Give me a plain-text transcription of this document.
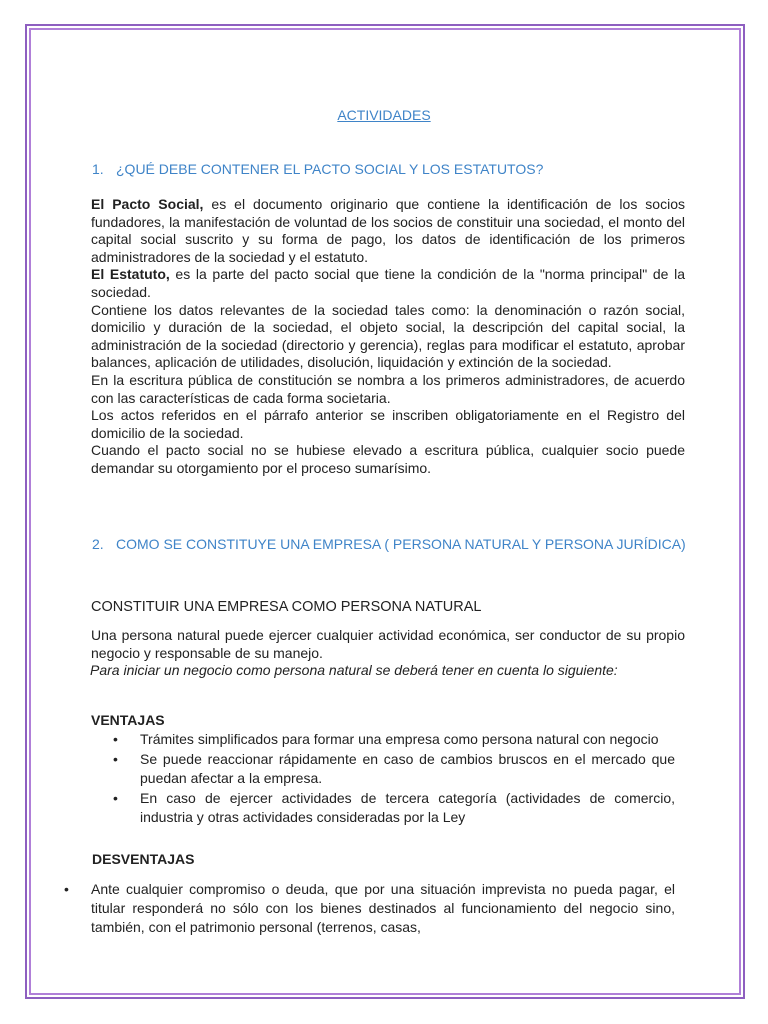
ACTIVIDADES
1. ¿QUÉ DEBE CONTENER EL PACTO SOCIAL Y LOS ESTATUTOS?

El Pacto Social, es el documento originario que contiene la identificación de los socios fundadores, la manifestación de voluntad de los socios de constituir una sociedad, el monto del capital social suscrito y su forma de pago, los datos de identificación de los primeros administradores de la sociedad y el estatuto.

El Estatuto, es la parte del pacto social que tiene la condición de la "norma principal" de la sociedad.

Contiene los datos relevantes de la sociedad tales como: la denominación o razón social, domicilio y duración de la sociedad, el objeto social, la descripción del capital social, la administración de la sociedad (directorio y gerencia), reglas para modificar el estatuto, aprobar balances, aplicación de utilidades, disolución, liquidación y extinción de la sociedad.

En la escritura pública de constitución se nombra a los primeros administradores, de acuerdo con las características de cada forma societaria.

Los actos referidos en el párrafo anterior se inscriben obligatoriamente en el Registro del domicilio de la sociedad.

Cuando el pacto social no se hubiese elevado a escritura pública, cualquier socio puede demandar su otorgamiento por el proceso sumarísimo.

2. COMO SE CONSTITUYE UNA EMPRESA ( PERSONA NATURAL Y PERSONA JURÍDICA)
CONSTITUIR UNA EMPRESA COMO PERSONA NATURAL

Una persona natural puede ejercer cualquier actividad económica, ser conductor de su propio negocio y responsable de su manejo.

Para iniciar un negocio como persona natural se deberá tener en cuenta lo siguiente:
VENTAJAS
• Trámites simplificados para formar una empresa como persona natural con negocio
• Se puede reaccionar rápidamente en caso de cambios bruscos en el mercado que puedan afectar a la empresa.
• En caso de ejercer actividades de tercera categoría (actividades de comercio, industria y otras actividades consideradas por la Ley
DESVENTAJAS
• Ante cualquier compromiso o deuda, que por una situación imprevista no pueda pagar, el titular responderá no sólo con los bienes destinados al funcionamiento del negocio sino, también, con el patrimonio personal (terrenos, casas,
